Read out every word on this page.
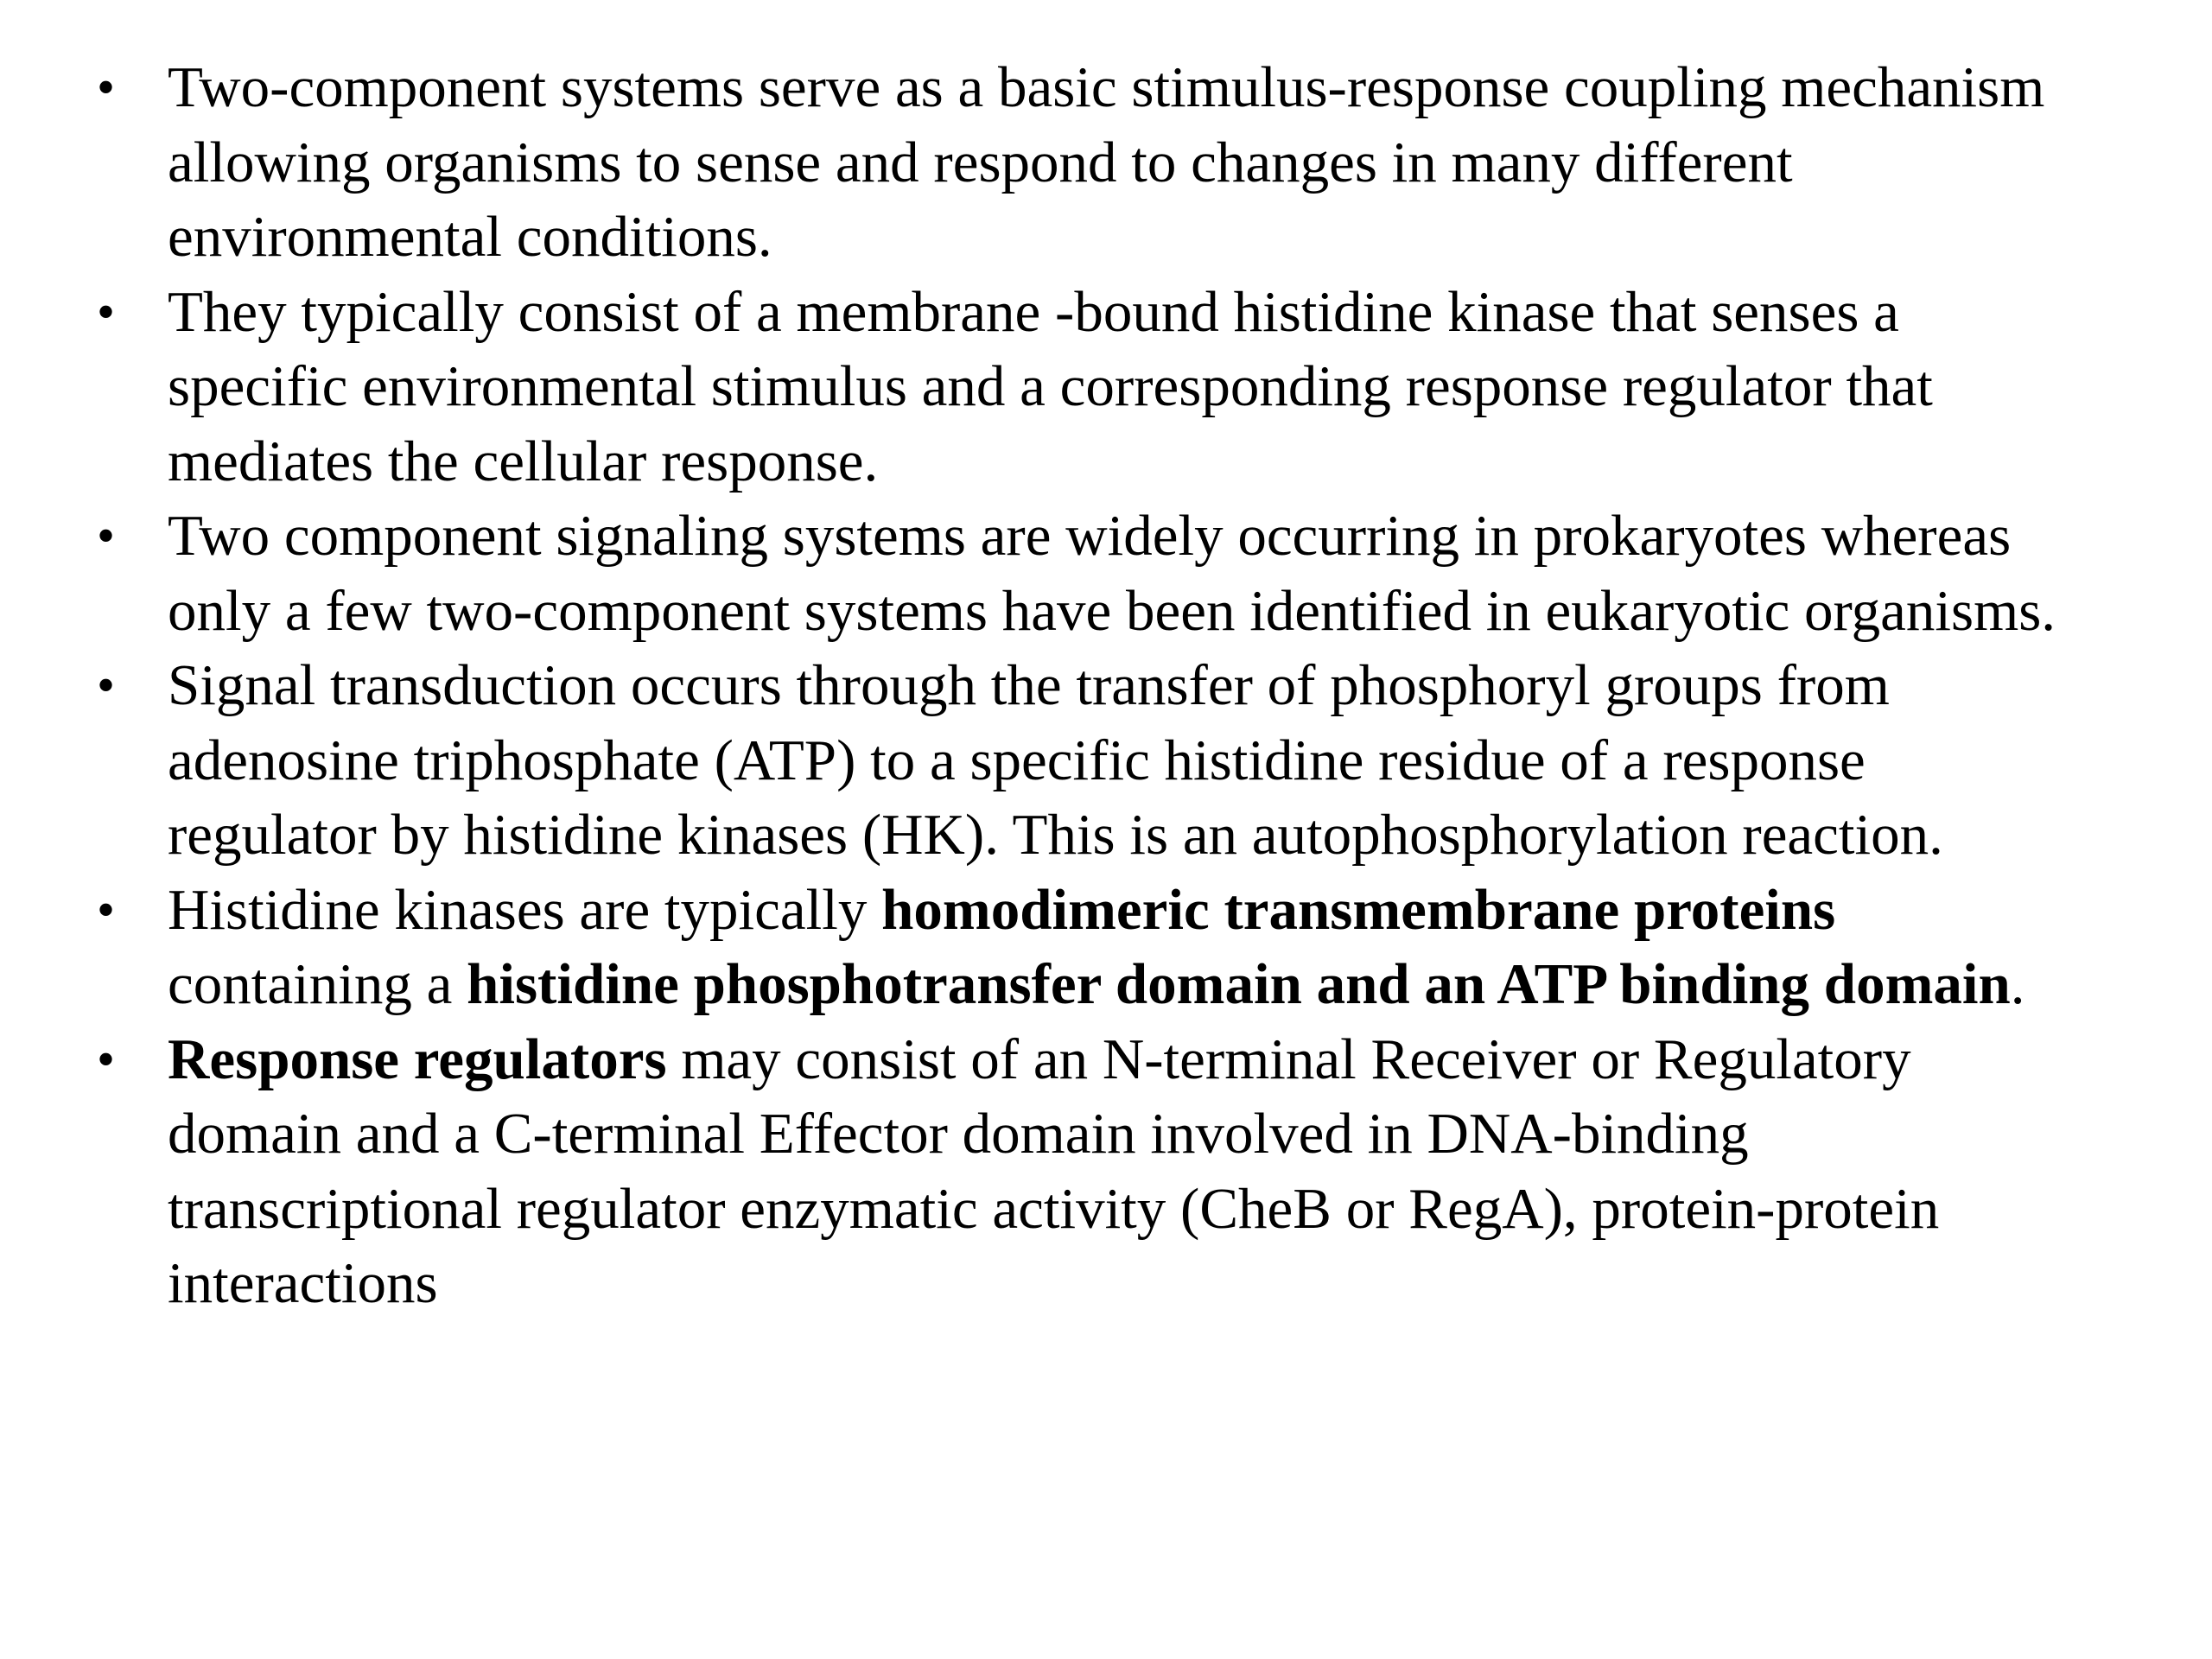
• Two-component systems serve as a basic stimulus-response coupling mechanism allowing organisms to sense and respond to changes in many different environmental conditions.
• They typically consist of a membrane -bound histidine kinase that senses a specific environmental stimulus and a corresponding response regulator that mediates the cellular response.
• Two component signaling systems are widely occurring in prokaryotes whereas only a few two-component systems have been identified in eukaryotic organisms.
• Signal transduction occurs through the transfer of phosphoryl groups from adenosine triphosphate (ATP) to a specific histidine residue of a response regulator by histidine kinases (HK). This is an autophosphorylation reaction.
• Histidine kinases are typically homodimeric transmembrane proteins containing a histidine phosphotransfer domain and an ATP binding domain.
• Response regulators may consist of an N-terminal Receiver or Regulatory domain and a C-terminal Effector domain involved in DNA-binding transcriptional regulator enzymatic activity (CheB or RegA), protein-protein interactions
